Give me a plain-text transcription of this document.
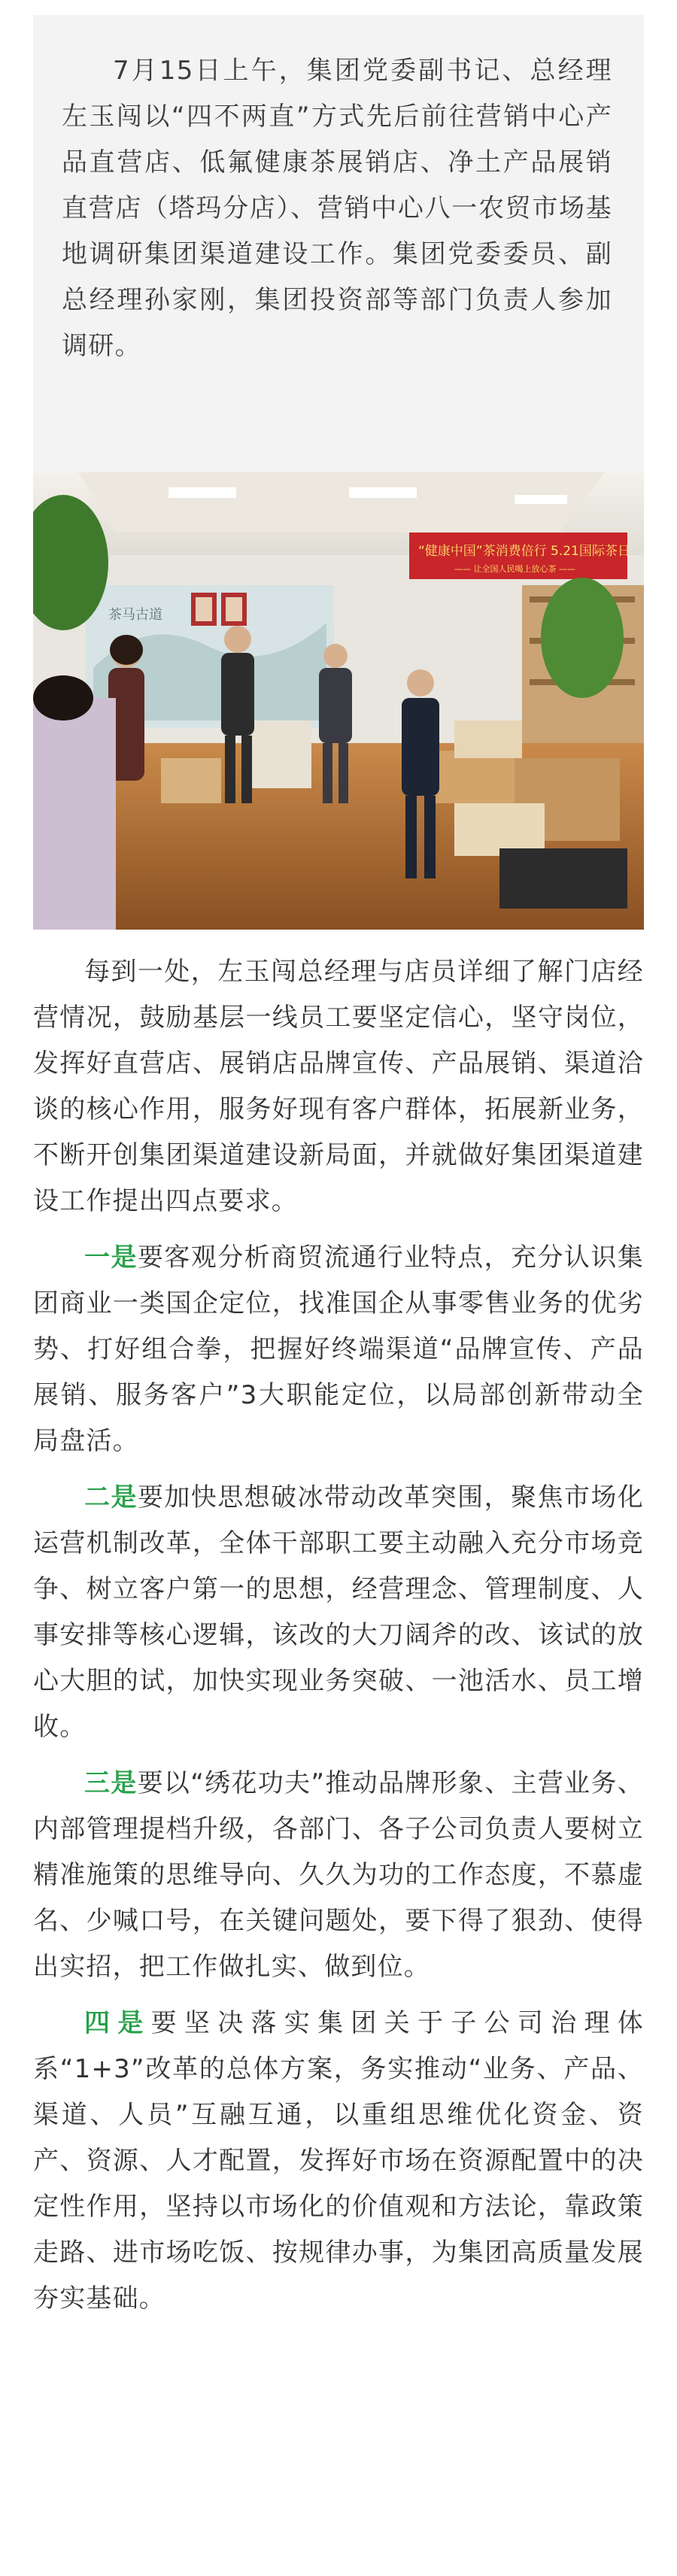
7月15日上午，集团党委副书记、总经理左玉闯以“四不两直”方式先后前往营销中心产品直营店、低氟健康茶展销店、净土产品展销直营店（塔玛分店）、营销中心八一农贸市场基地调研集团渠道建设工作。集团党委委员、副总经理孙家刚，集团投资部等部门负责人参加调研。

茶马古道
“健康中国”茶消费倍行 5.21国际茶日
—— 让全国人民喝上放心茶 ——

每到一处，左玉闯总经理与店员详细了解门店经营情况，鼓励基层一线员工要坚定信心，坚守岗位，发挥好直营店、展销店品牌宣传、产品展销、渠道洽谈的核心作用，服务好现有客户群体，拓展新业务，不断开创集团渠道建设新局面，并就做好集团渠道建设工作提出四点要求。

一是要客观分析商贸流通行业特点，充分认识集团商业一类国企定位，找准国企从事零售业务的优劣势、打好组合拳，把握好终端渠道“品牌宣传、产品展销、服务客户”3大职能定位，以局部创新带动全局盘活。

二是要加快思想破冰带动改革突围，聚焦市场化运营机制改革，全体干部职工要主动融入充分市场竞争、树立客户第一的思想，经营理念、管理制度、人事安排等核心逻辑，该改的大刀阔斧的改、该试的放心大胆的试，加快实现业务突破、一池活水、员工增收。

三是要以“绣花功夫”推动品牌形象、主营业务、内部管理提档升级，各部门、各子公司负责人要树立精准施策的思维导向、久久为功的工作态度，不慕虚名、少喊口号，在关键问题处，要下得了狠劲、使得出实招，把工作做扎实、做到位。

四是要坚决落实集团关于子公司治理体系“1+3”改革的总体方案，务实推动“业务、产品、渠道、人员”互融互通，以重组思维优化资金、资产、资源、人才配置，发挥好市场在资源配置中的决定性作用，坚持以市场化的价值观和方法论，靠政策走路、进市场吃饭、按规律办事，为集团高质量发展夯实基础。
